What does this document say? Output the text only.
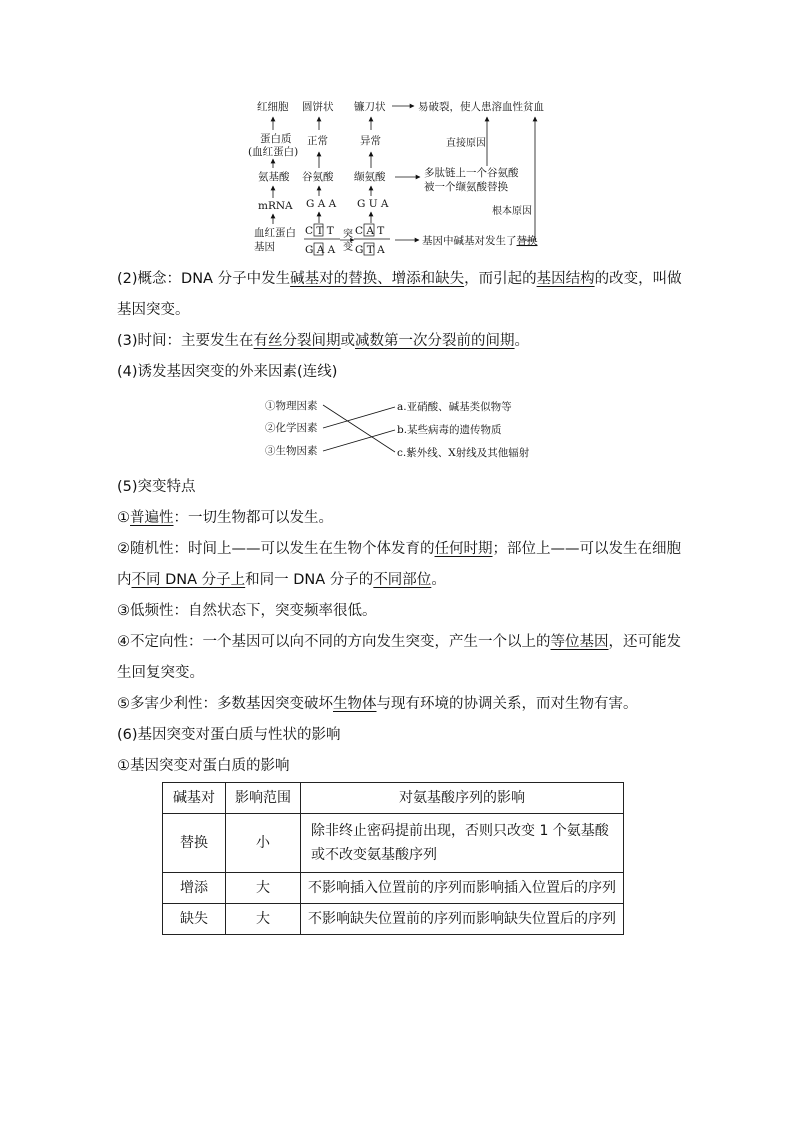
红细胞
蛋白质
(血红蛋白)
氨基酸
mRNA
血红蛋白
基因
圆饼状
正常
谷氨酸
G A A
C T T
G A A
突
变
镰刀状
异常
缬氨酸
G U A
C A T
G T A
易破裂，使人患溶血性贫血
直接原因
多肽链上一个谷氨酸
被一个缬氨酸替换
根本原因
基因中碱基对发生了替换

(2)概念：DNA 分子中发生碱基对的替换、增添和缺失，而引起的基因结构的改变，叫做基因突变。

(3)时间：主要发生在有丝分裂间期或减数第一次分裂前的间期。

(4)诱发基因突变的外来因素(连线)

①物理因素
②化学因素
③生物因素
a.亚硝酸、碱基类似物等
b.某些病毒的遗传物质
c.紫外线、X射线及其他辐射

(5)突变特点

①普遍性：一切生物都可以发生。

②随机性：时间上——可以发生在生物个体发育的任何时期；部位上——可以发生在细胞内不同 DNA 分子上和同一 DNA 分子的不同部位。

③低频性：自然状态下，突变频率很低。

④不定向性：一个基因可以向不同的方向发生突变，产生一个以上的等位基因，还可能发生回复突变。

⑤多害少利性：多数基因突变破坏生物体与现有环境的协调关系，而对生物有害。

(6)基因突变对蛋白质与性状的影响

①基因突变对蛋白质的影响

碱基对	影响范围	对氨基酸序列的影响
替换	小	除非终止密码提前出现，否则只改变 1 个氨基酸或不改变氨基酸序列
增添	大	不影响插入位置前的序列而影响插入位置后的序列
缺失	大	不影响缺失位置前的序列而影响缺失位置后的序列
